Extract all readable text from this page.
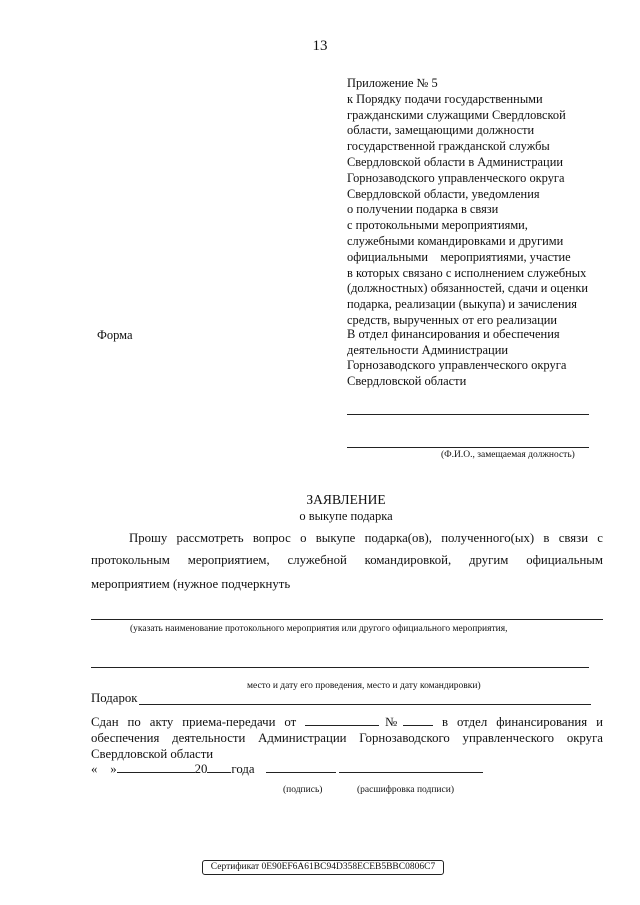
13
Приложение № 5
к Порядку подачи государственными
гражданскими служащими Свердловской
области, замещающими должности
государственной гражданской службы
Свердловской области в Администрации
Горнозаводского управленческого округа
Свердловской области, уведомления
о получении подарка в связи
с протокольными мероприятиями,
служебными командировками и другими
официальными    мероприятиями, участие
в которых связано с исполнением служебных
(должностных) обязанностей, сдачи и оценки
подарка, реализации (выкупа) и зачисления
средств, вырученных от его реализации
Форма	В отдел финансирования и обеспечения
деятельности Администрации
Горнозаводского управленческого округа
Свердловской области
(Ф.И.О., замещаемая должность)
ЗАЯВЛЕНИЕ
о выкупе подарка
Прошу рассмотреть вопрос о выкупе подарка(ов), полученного(ых) в связи с
протокольным мероприятием, служебной командировкой, другим официальным
мероприятием (нужное подчеркнуть
(указать наименование протокольного мероприятия или другого официального мероприятия,
место и дату его проведения, место и дату командировки)
Подарок
Сдан по акту приема-передачи от	№	в отдел финансирования и
обеспечения деятельности Администрации Горнозаводского управленческого округа
Свердловской области
«    »	20 года
(подпись)	(расшифровка подписи)
Сертификат 0E90EF6A61BC94D358ECEB5BBC0806C7
